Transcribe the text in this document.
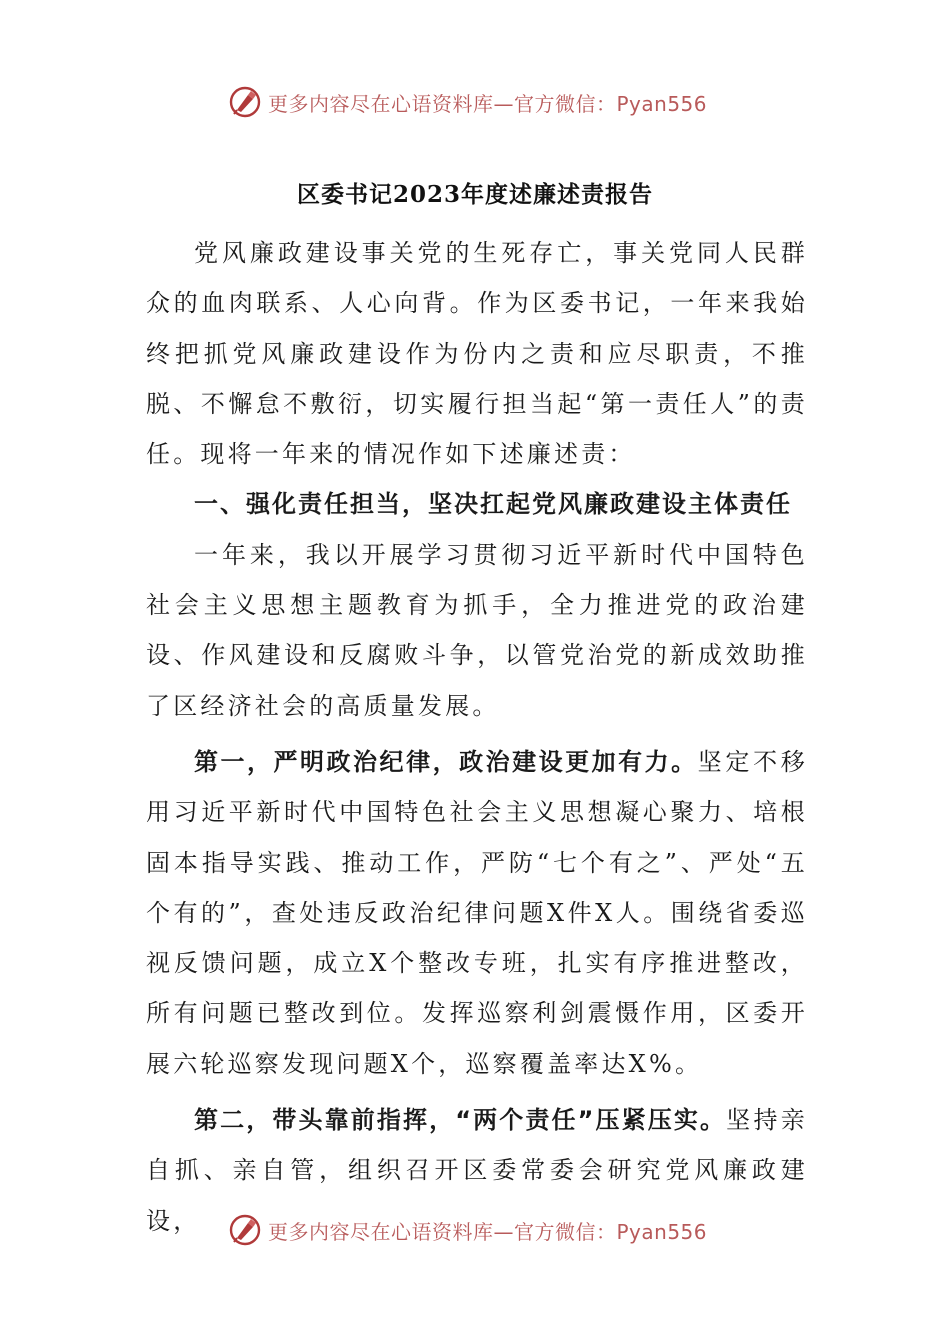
更多内容尽在心语资料库—官方微信：Pyan556
区委书记2023年度述廉述责报告

党风廉政建设事关党的生死存亡，事关党同人民群众的血肉联系、人心向背。作为区委书记，一年来我始终把抓党风廉政建设作为份内之责和应尽职责，不推脱、不懈怠不敷衍，切实履行担当起“第一责任人”的责任。现将一年来的情况作如下述廉述责：

一、强化责任担当，坚决扛起党风廉政建设主体责任

一年来，我以开展学习贯彻习近平新时代中国特色社会主义思想主题教育为抓手，全力推进党的政治建设、作风建设和反腐败斗争，以管党治党的新成效助推了区经济社会的高质量发展。

第一，严明政治纪律，政治建设更加有力。坚定不移用习近平新时代中国特色社会主义思想凝心聚力、培根固本指导实践、推动工作，严防“七个有之”、严处“五个有的”，查处违反政治纪律问题X件X人。围绕省委巡视反馈问题，成立X个整改专班，扎实有序推进整改，所有问题已整改到位。发挥巡察利剑震慑作用，区委开展六轮巡察发现问题X个，巡察覆盖率达X%。

第二，带头靠前指挥，“两个责任”压紧压实。坚持亲自抓、亲自管，组织召开区委常委会研究党风廉政建设，	更多内容尽在心语资料库—官方微信：Pyan556
